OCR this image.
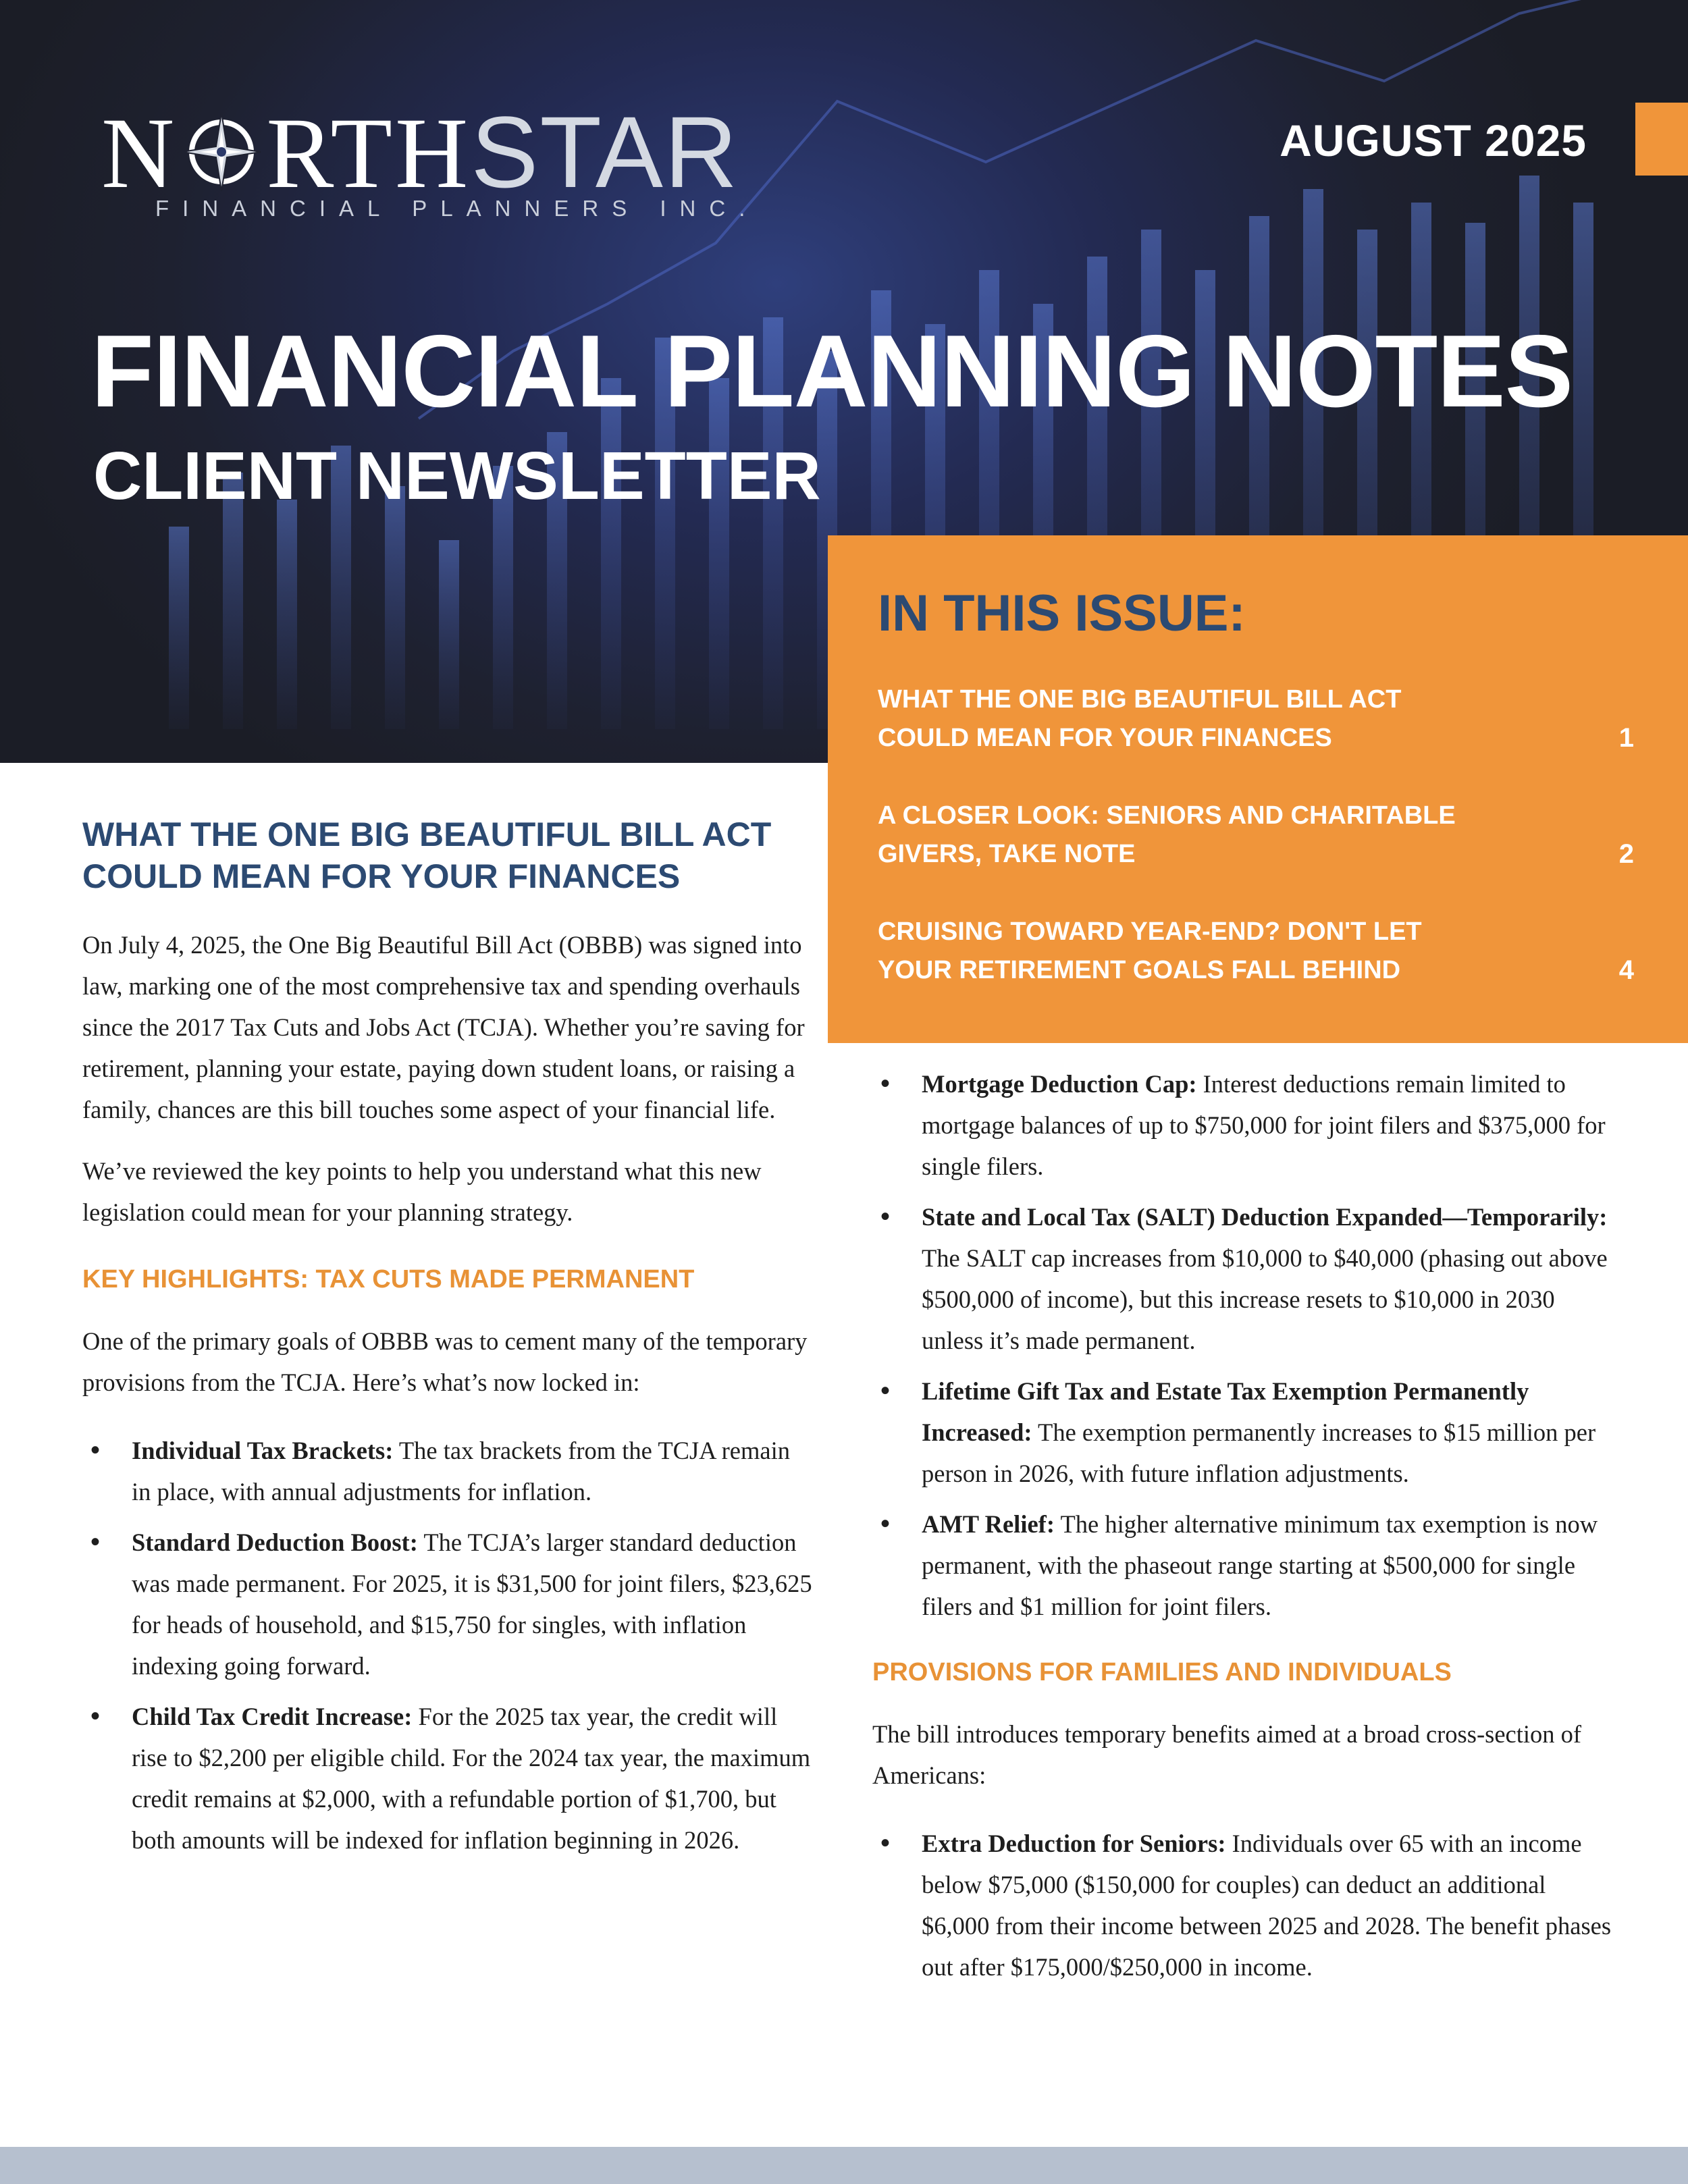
N RTHSTAR
FINANCIAL PLANNERS INC.
AUGUST 2025
FINANCIAL PLANNING NOTES
CLIENT NEWSLETTER
IN THIS ISSUE:
WHAT THE ONE BIG BEAUTIFUL BILL ACT COULD MEAN FOR YOUR FINANCES	1
A CLOSER LOOK: SENIORS AND CHARITABLE GIVERS, TAKE NOTE	2
CRUISING TOWARD YEAR-END? DON'T LET YOUR RETIREMENT GOALS FALL BEHIND	4
WHAT THE ONE BIG BEAUTIFUL BILL ACT COULD MEAN FOR YOUR FINANCES

On July 4, 2025, the One Big Beautiful Bill Act (OBBB) was signed into law, marking one of the most comprehensive tax and spending overhauls since the 2017 Tax Cuts and Jobs Act (TCJA). Whether you’re saving for retirement, planning your estate, paying down student loans, or raising a family, chances are this bill touches some aspect of your financial life.

We’ve reviewed the key points to help you understand what this new legislation could mean for your planning strategy.

KEY HIGHLIGHTS: TAX CUTS MADE PERMANENT

One of the primary goals of OBBB was to cement many of the temporary provisions from the TCJA. Here’s what’s now locked in:

• Individual Tax Brackets: The tax brackets from the TCJA remain in place, with annual adjustments for inflation.
• Standard Deduction Boost: The TCJA’s larger standard deduction was made permanent. For 2025, it is $31,500 for joint filers, $23,625 for heads of household, and $15,750 for singles, with inflation indexing going forward.
• Child Tax Credit Increase: For the 2025 tax year, the credit will rise to $2,200 per eligible child. For the 2024 tax year, the maximum credit remains at $2,000, with a refundable portion of $1,700, but both amounts will be indexed for inflation beginning in 2026.
• Mortgage Deduction Cap: Interest deductions remain limited to mortgage balances of up to $750,000 for joint filers and $375,000 for single filers.
• State and Local Tax (SALT) Deduction Expanded—Temporarily: The SALT cap increases from $10,000 to $40,000 (phasing out above $500,000 of income), but this increase resets to $10,000 in 2030 unless it’s made permanent.
• Lifetime Gift Tax and Estate Tax Exemption Permanently Increased: The exemption permanently increases to $15 million per person in 2026, with future inflation adjustments.
• AMT Relief: The higher alternative minimum tax exemption is now permanent, with the phaseout range starting at $500,000 for single filers and $1 million for joint filers.
PROVISIONS FOR FAMILIES AND INDIVIDUALS

The bill introduces temporary benefits aimed at a broad cross-section of Americans:

• Extra Deduction for Seniors: Individuals over 65 with an income below $75,000 ($150,000 for couples) can deduct an additional $6,000 from their income between 2025 and 2028. The benefit phases out after $175,000/$250,000 in income.
